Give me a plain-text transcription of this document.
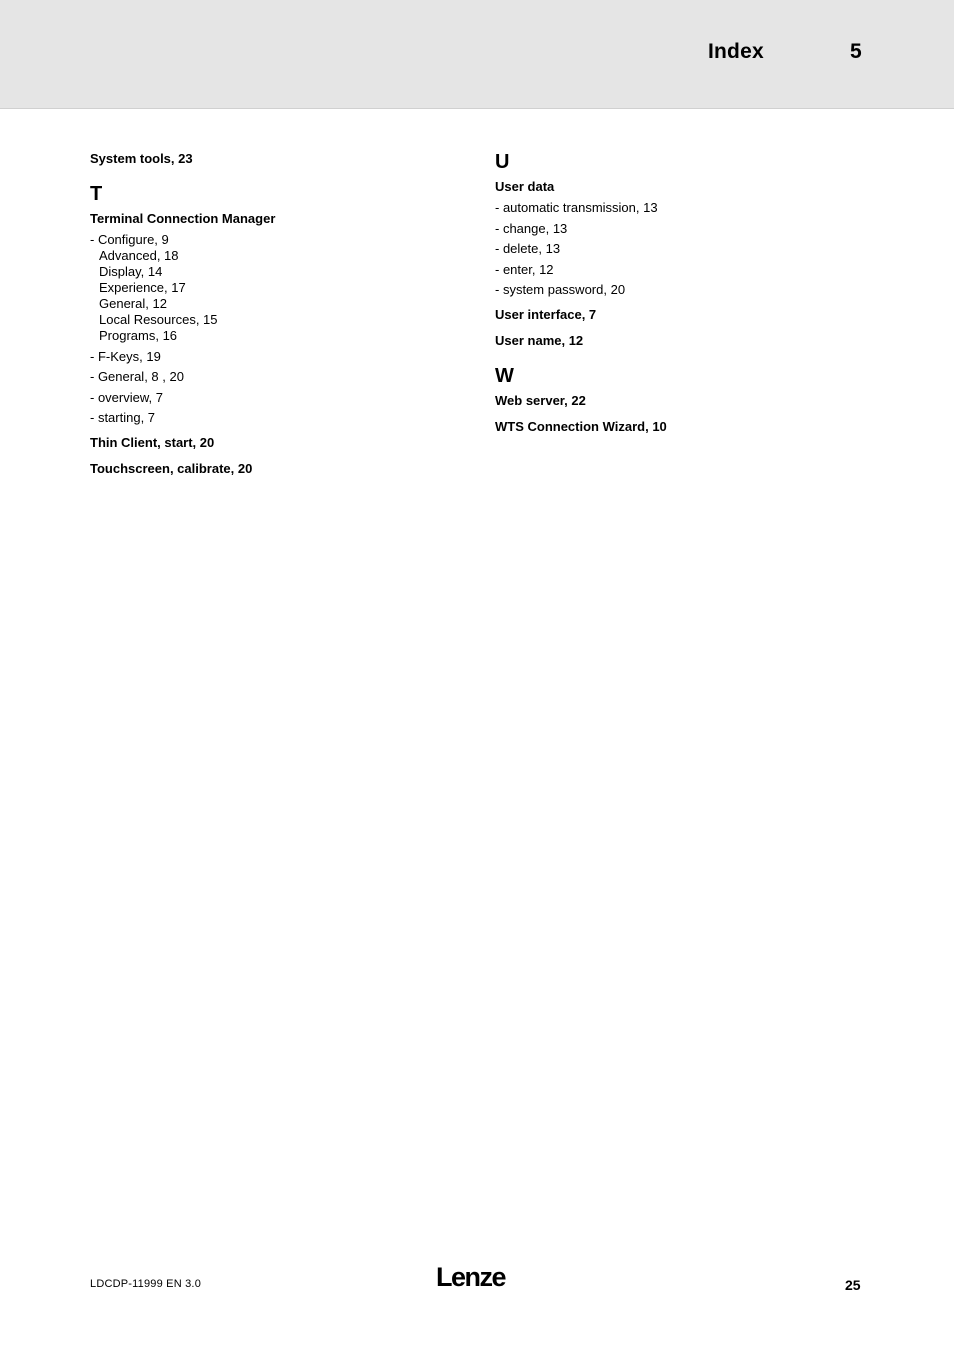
Index	5

System tools, 23

T

Terminal Connection Manager

- Configure, 9

Advanced, 18

Display, 14

Experience, 17

General, 12

Local Resources, 15

Programs, 16

- F-Keys, 19

- General, 8 , 20

- overview, 7

- starting, 7

Thin Client, start, 20

Touchscreen, calibrate, 20

U

User data

- automatic transmission, 13

- change, 13

- delete, 13

- enter, 12

- system password, 20

User interface, 7

User name, 12

W

Web server, 22

WTS Connection Wizard, 10

LDCDP-11999 EN 3.0	Lenze	25
